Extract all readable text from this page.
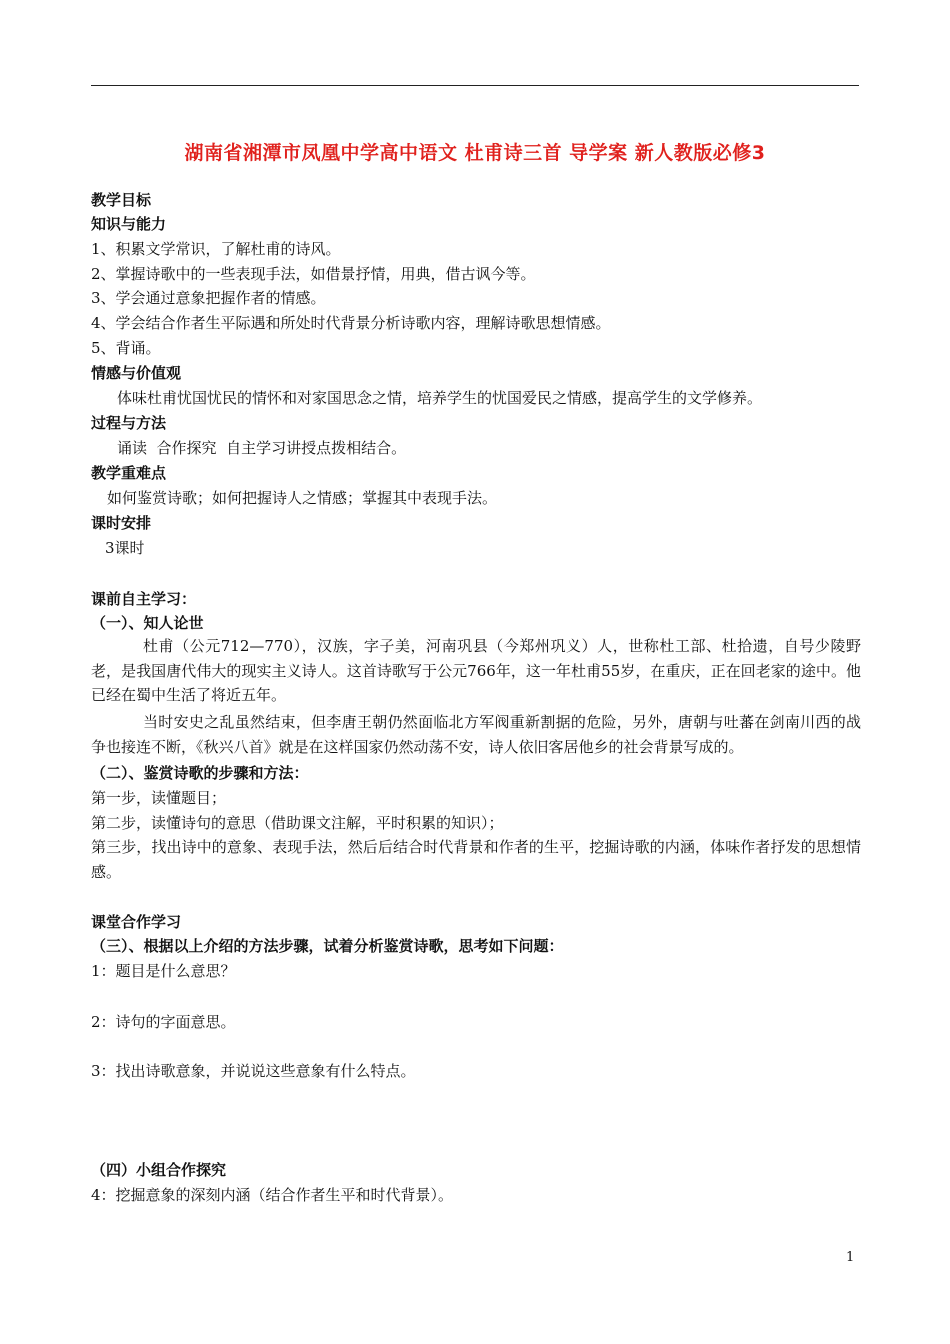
湖南省湘潭市凤凰中学高中语文 杜甫诗三首 导学案 新人教版必修3
教学目标
知识与能力
1、积累文学常识，了解杜甫的诗风。
2、掌握诗歌中的一些表现手法，如借景抒情，用典，借古讽今等。
3、学会通过意象把握作者的情感。
4、学会结合作者生平际遇和所处时代背景分析诗歌内容，理解诗歌思想情感。
5、背诵。
情感与价值观
体味杜甫忧国忧民的情怀和对家国思念之情，培养学生的忧国爱民之情感，提高学生的文学修养。
过程与方法
诵读  合作探究  自主学习讲授点拨相结合。
教学重难点
如何鉴赏诗歌；如何把握诗人之情感；掌握其中表现手法。
课时安排
3课时
课前自主学习：
（一）、知人论世
杜甫（公元712—770），汉族，字子美，河南巩县（今郑州巩义）人，世称杜工部、杜拾遗，自号少陵野老，是我国唐代伟大的现实主义诗人。这首诗歌写于公元766年，这一年杜甫55岁，在重庆，正在回老家的途中。他已经在蜀中生活了将近五年。
当时安史之乱虽然结束，但李唐王朝仍然面临北方军阀重新割据的危险，另外，唐朝与吐蕃在剑南川西的战争也接连不断，《秋兴八首》就是在这样国家仍然动荡不安，诗人依旧客居他乡的社会背景写成的。
（二）、鉴赏诗歌的步骤和方法：
第一步，读懂题目；
第二步，读懂诗句的意思（借助课文注解，平时积累的知识）；
第三步，找出诗中的意象、表现手法，然后后结合时代背景和作者的生平，挖掘诗歌的内涵，体味作者抒发的思想情感。
课堂合作学习
（三）、根据以上介绍的方法步骤，试着分析鉴赏诗歌，思考如下问题：
1：题目是什么意思？
2：诗句的字面意思。
3：找出诗歌意象，并说说这些意象有什么特点。
（四）小组合作探究
4：挖掘意象的深刻内涵（结合作者生平和时代背景）。
1
